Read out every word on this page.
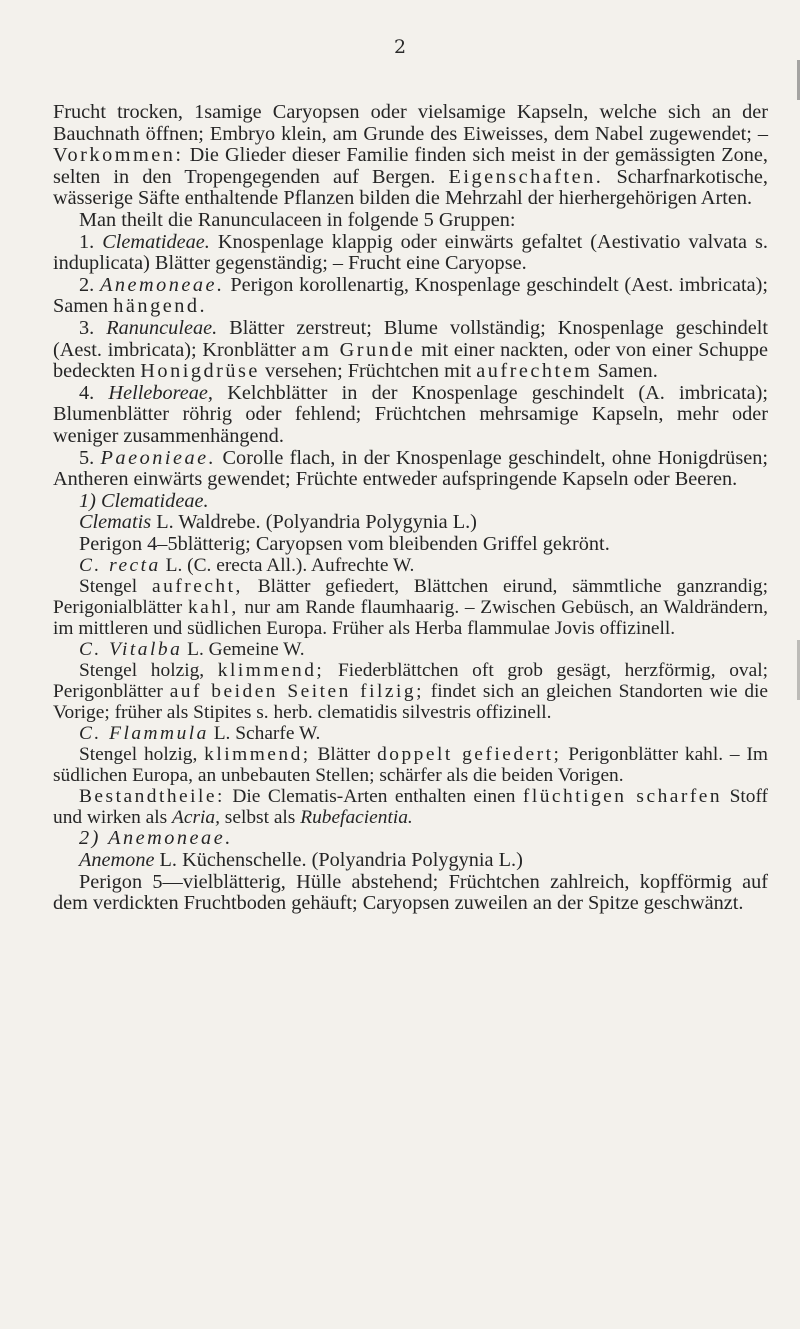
2

Frucht trocken, 1samige Caryopsen oder vielsamige Kapseln, welche sich an der Bauchnath öffnen; Embryo klein, am Grunde des Eiweisses, dem Nabel zugewendet; – Vorkommen: Die Glieder dieser Familie finden sich meist in der gemässigten Zone, selten in den Tropengegenden auf Bergen. Eigenschaften. Scharfnarkotische, wässerige Säfte enthaltende Pflanzen bilden die Mehrzahl der hierhergehörigen Arten.

Man theilt die Ranunculaceen in folgende 5 Gruppen:

1. Clematideae. Knospenlage klappig oder einwärts gefaltet (Aestivatio valvata s. induplicata) Blätter gegenständig; – Frucht eine Caryopse.

2. Anemoneae. Perigon korollenartig, Knospenlage geschindelt (Aest. imbricata); Samen hängend.

3. Ranunculeae. Blätter zerstreut; Blume vollständig; Knospenlage geschindelt (Aest. imbricata); Kronblätter am Grunde mit einer nackten, oder von einer Schuppe bedeckten Honigdrüse versehen; Früchtchen mit aufrechtem Samen.

4. Helleboreae, Kelchblätter in der Knospenlage geschindelt (A. imbricata); Blumenblätter röhrig oder fehlend; Früchtchen mehrsamige Kapseln, mehr oder weniger zusammenhängend.

5. Paeonieae. Corolle flach, in der Knospenlage geschindelt, ohne Honigdrüsen; Antheren einwärts gewendet; Früchte entweder aufspringende Kapseln oder Beeren.

1) Clematideae.

Clematis L. Waldrebe. (Polyandria Polygynia L.)

Perigon 4–5blätterig; Caryopsen vom bleibenden Griffel gekrönt.

C. recta L. (C. erecta All.). Aufrechte W.

Stengel aufrecht, Blätter gefiedert, Blättchen eirund, sämmtliche ganzrandig; Perigonialblätter kahl, nur am Rande flaumhaarig. – Zwischen Gebüsch, an Waldrändern, im mittleren und südlichen Europa. Früher als Herba flammulae Jovis offizinell.

C. Vitalba L. Gemeine W.

Stengel holzig, klimmend; Fiederblättchen oft grob gesägt, herzförmig, oval; Perigonblätter auf beiden Seiten filzig; findet sich an gleichen Standorten wie die Vorige; früher als Stipites s. herb. clematidis silvestris offizinell.

C. Flammula L. Scharfe W.

Stengel holzig, klimmend; Blätter doppelt gefiedert; Perigonblätter kahl. – Im südlichen Europa, an unbebauten Stellen; schärfer als die beiden Vorigen.

Bestandtheile: Die Clematis-Arten enthalten einen flüchtigen scharfen Stoff und wirken als Acria, selbst als Rubefacientia.

2) Anemoneae.

Anemone L. Küchenschelle. (Polyandria Polygynia L.)

Perigon 5—vielblätterig, Hülle abstehend; Früchtchen zahlreich, kopfförmig auf dem verdickten Fruchtboden gehäuft; Caryopsen zuweilen an der Spitze geschwänzt.
